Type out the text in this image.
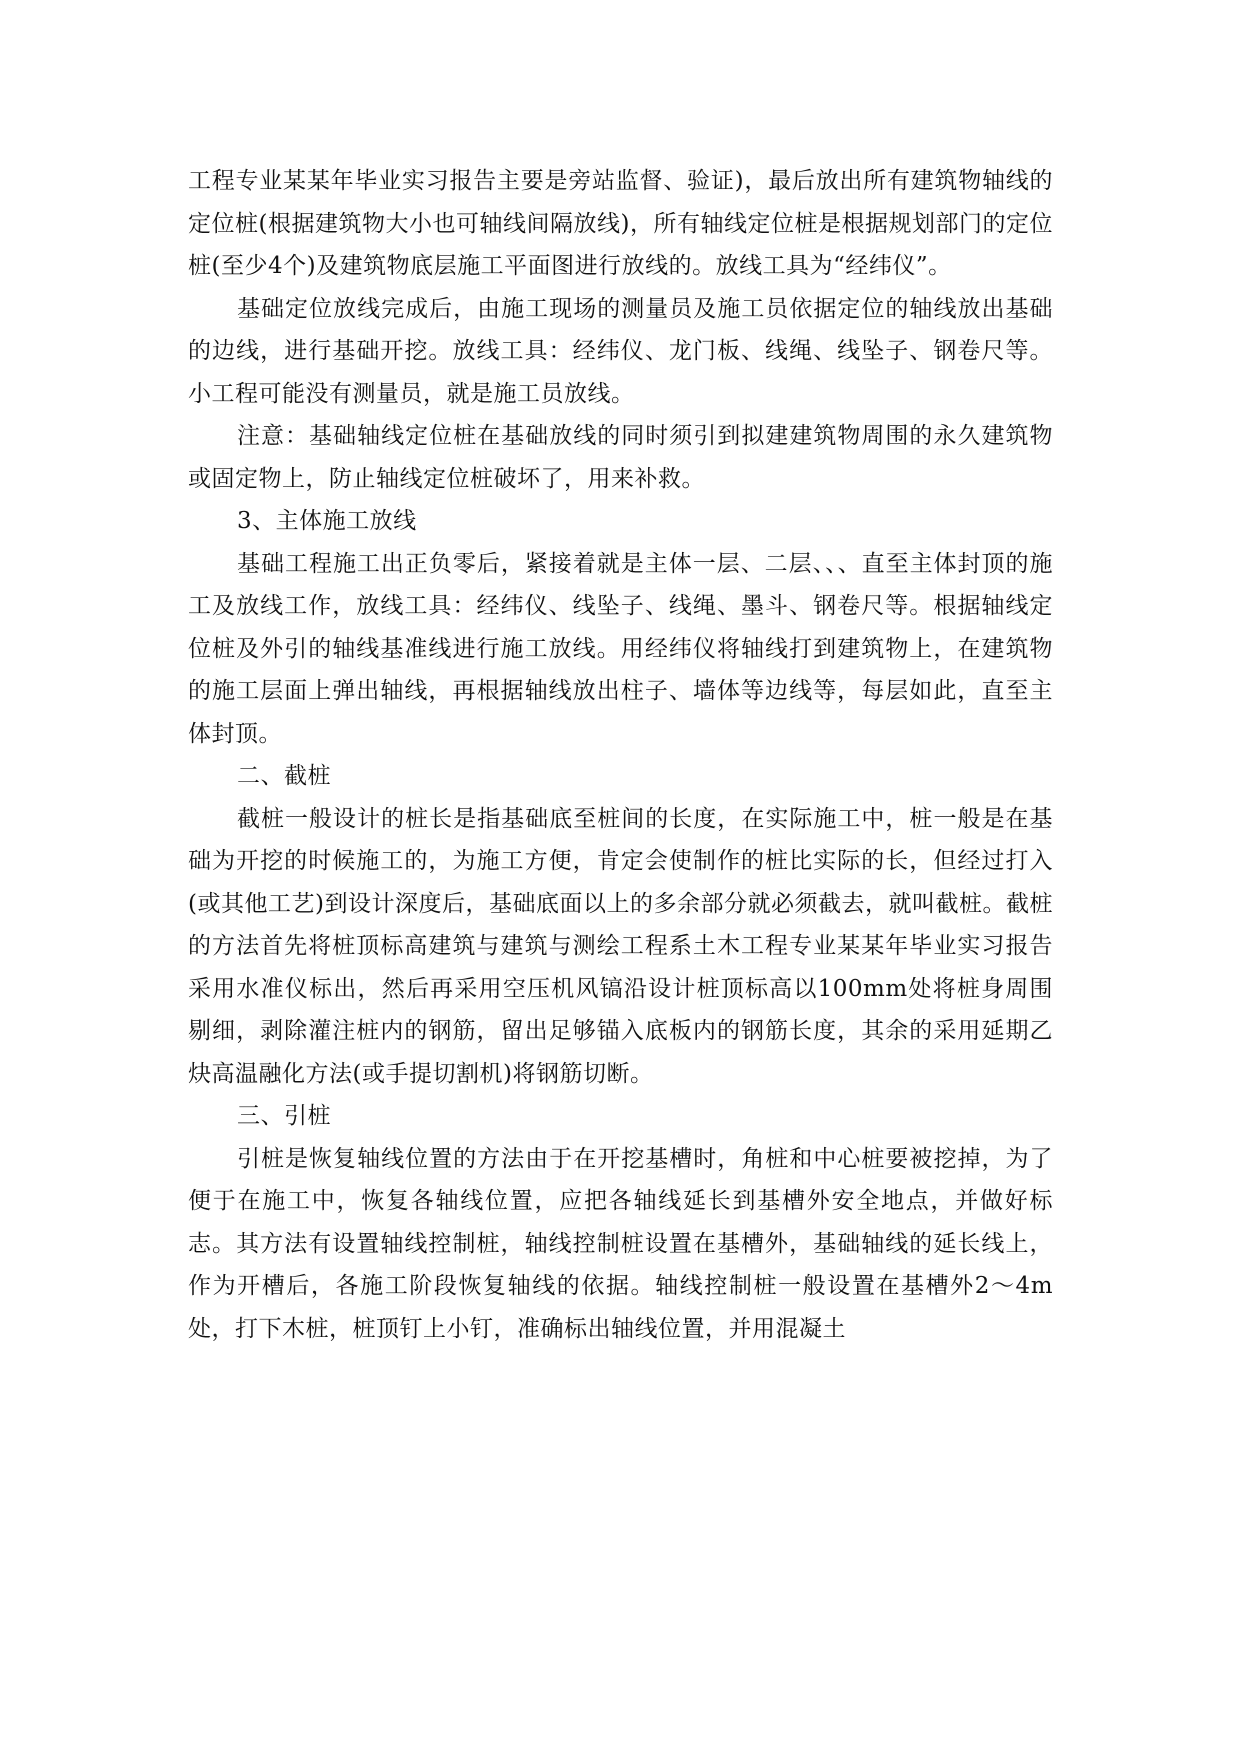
工程专业某某年毕业实习报告主要是旁站监督、验证)，最后放出所有建筑物轴线的定位桩(根据建筑物大小也可轴线间隔放线)，所有轴线定位桩是根据规划部门的定位桩(至少4个)及建筑物底层施工平面图进行放线的。放线工具为“经纬仪”。

基础定位放线完成后，由施工现场的测量员及施工员依据定位的轴线放出基础的边线，进行基础开挖。放线工具：经纬仪、龙门板、线绳、线坠子、钢卷尺等。小工程可能没有测量员，就是施工员放线。

注意：基础轴线定位桩在基础放线的同时须引到拟建建筑物周围的永久建筑物或固定物上，防止轴线定位桩破坏了，用来补救。

3、主体施工放线

基础工程施工出正负零后，紧接着就是主体一层、二层、、、直至主体封顶的施工及放线工作，放线工具：经纬仪、线坠子、线绳、墨斗、钢卷尺等。根据轴线定位桩及外引的轴线基准线进行施工放线。用经纬仪将轴线打到建筑物上，在建筑物的施工层面上弹出轴线，再根据轴线放出柱子、墙体等边线等，每层如此，直至主体封顶。

二、截桩

截桩一般设计的桩长是指基础底至桩间的长度，在实际施工中，桩一般是在基础为开挖的时候施工的，为施工方便，肯定会使制作的桩比实际的长，但经过打入(或其他工艺)到设计深度后，基础底面以上的多余部分就必须截去，就叫截桩。截桩的方法首先将桩顶标高建筑与建筑与测绘工程系土木工程专业某某年毕业实习报告采用水准仪标出，然后再采用空压机风镐沿设计桩顶标高以100mm处将桩身周围剔细，剥除灌注桩内的钢筋，留出足够锚入底板内的钢筋长度，其余的采用延期乙炔高温融化方法(或手提切割机)将钢筋切断。

三、引桩

引桩是恢复轴线位置的方法由于在开挖基槽时，角桩和中心桩要被挖掉，为了便于在施工中，恢复各轴线位置，应把各轴线延长到基槽外安全地点，并做好标志。其方法有设置轴线控制桩，轴线控制桩设置在基槽外，基础轴线的延长线上，作为开槽后，各施工阶段恢复轴线的依据。轴线控制桩一般设置在基槽外2～4m处，打下木桩，桩顶钉上小钉，准确标出轴线位置，并用混凝土
